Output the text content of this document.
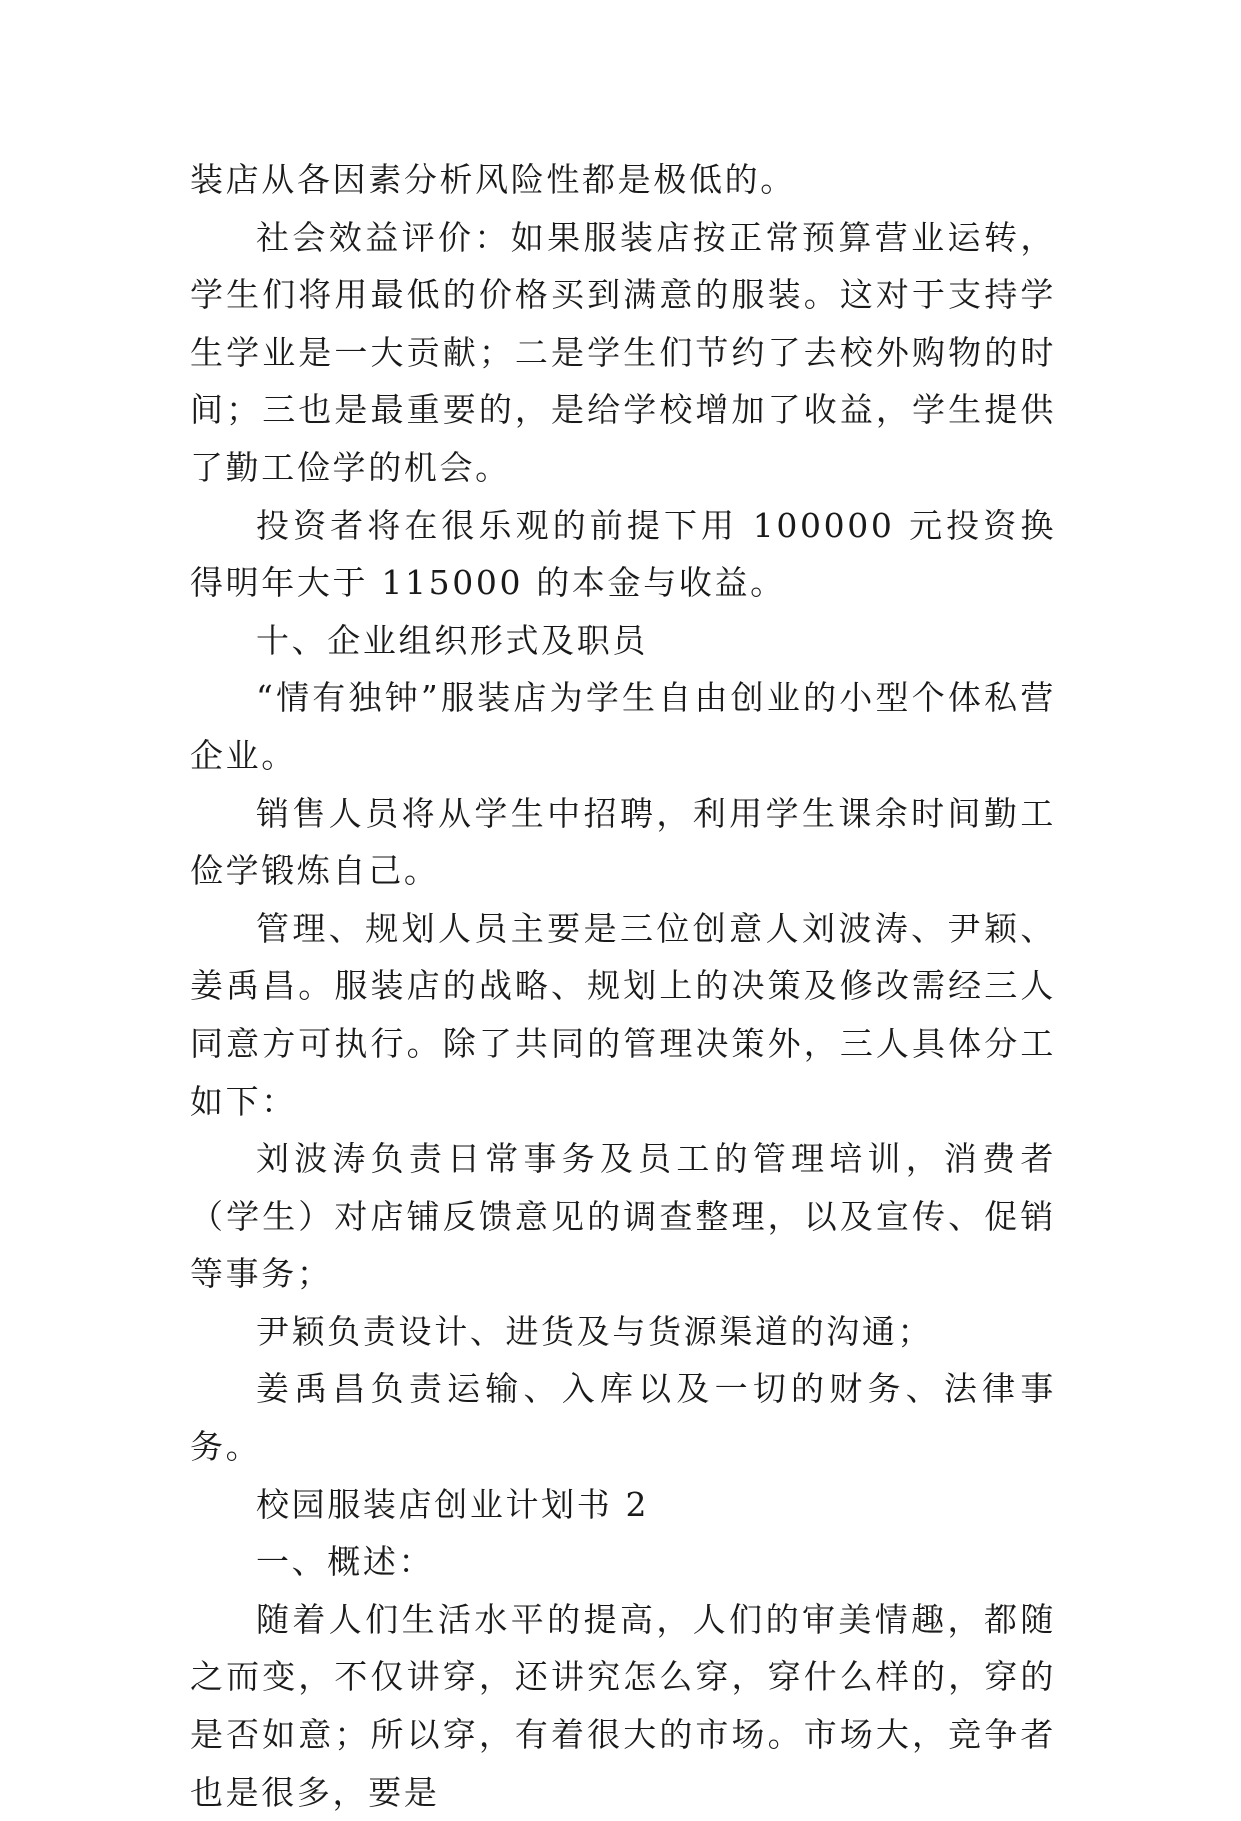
装店从各因素分析风险性都是极低的。

社会效益评价：如果服装店按正常预算营业运转，学生们将用最低的价格买到满意的服装。这对于支持学生学业是一大贡献；二是学生们节约了去校外购物的时间；三也是最重要的，是给学校增加了收益，学生提供了勤工俭学的机会。

投资者将在很乐观的前提下用 100000 元投资换得明年大于 115000 的本金与收益。

十、企业组织形式及职员

“情有独钟”服装店为学生自由创业的小型个体私营企业。

销售人员将从学生中招聘，利用学生课余时间勤工俭学锻炼自己。

管理、规划人员主要是三位创意人刘波涛、尹颖、姜禹昌。服装店的战略、规划上的决策及修改需经三人同意方可执行。除了共同的管理决策外，三人具体分工如下：

刘波涛负责日常事务及员工的管理培训，消费者（学生）对店铺反馈意见的调查整理，以及宣传、促销等事务；

尹颖负责设计、进货及与货源渠道的沟通；

姜禹昌负责运输、入库以及一切的财务、法律事务。

校园服装店创业计划书 2

一、概述：

随着人们生活水平的提高，人们的审美情趣，都随之而变，不仅讲穿，还讲究怎么穿，穿什么样的，穿的是否如意；所以穿，有着很大的市场。市场大，竞争者也是很多，要是
